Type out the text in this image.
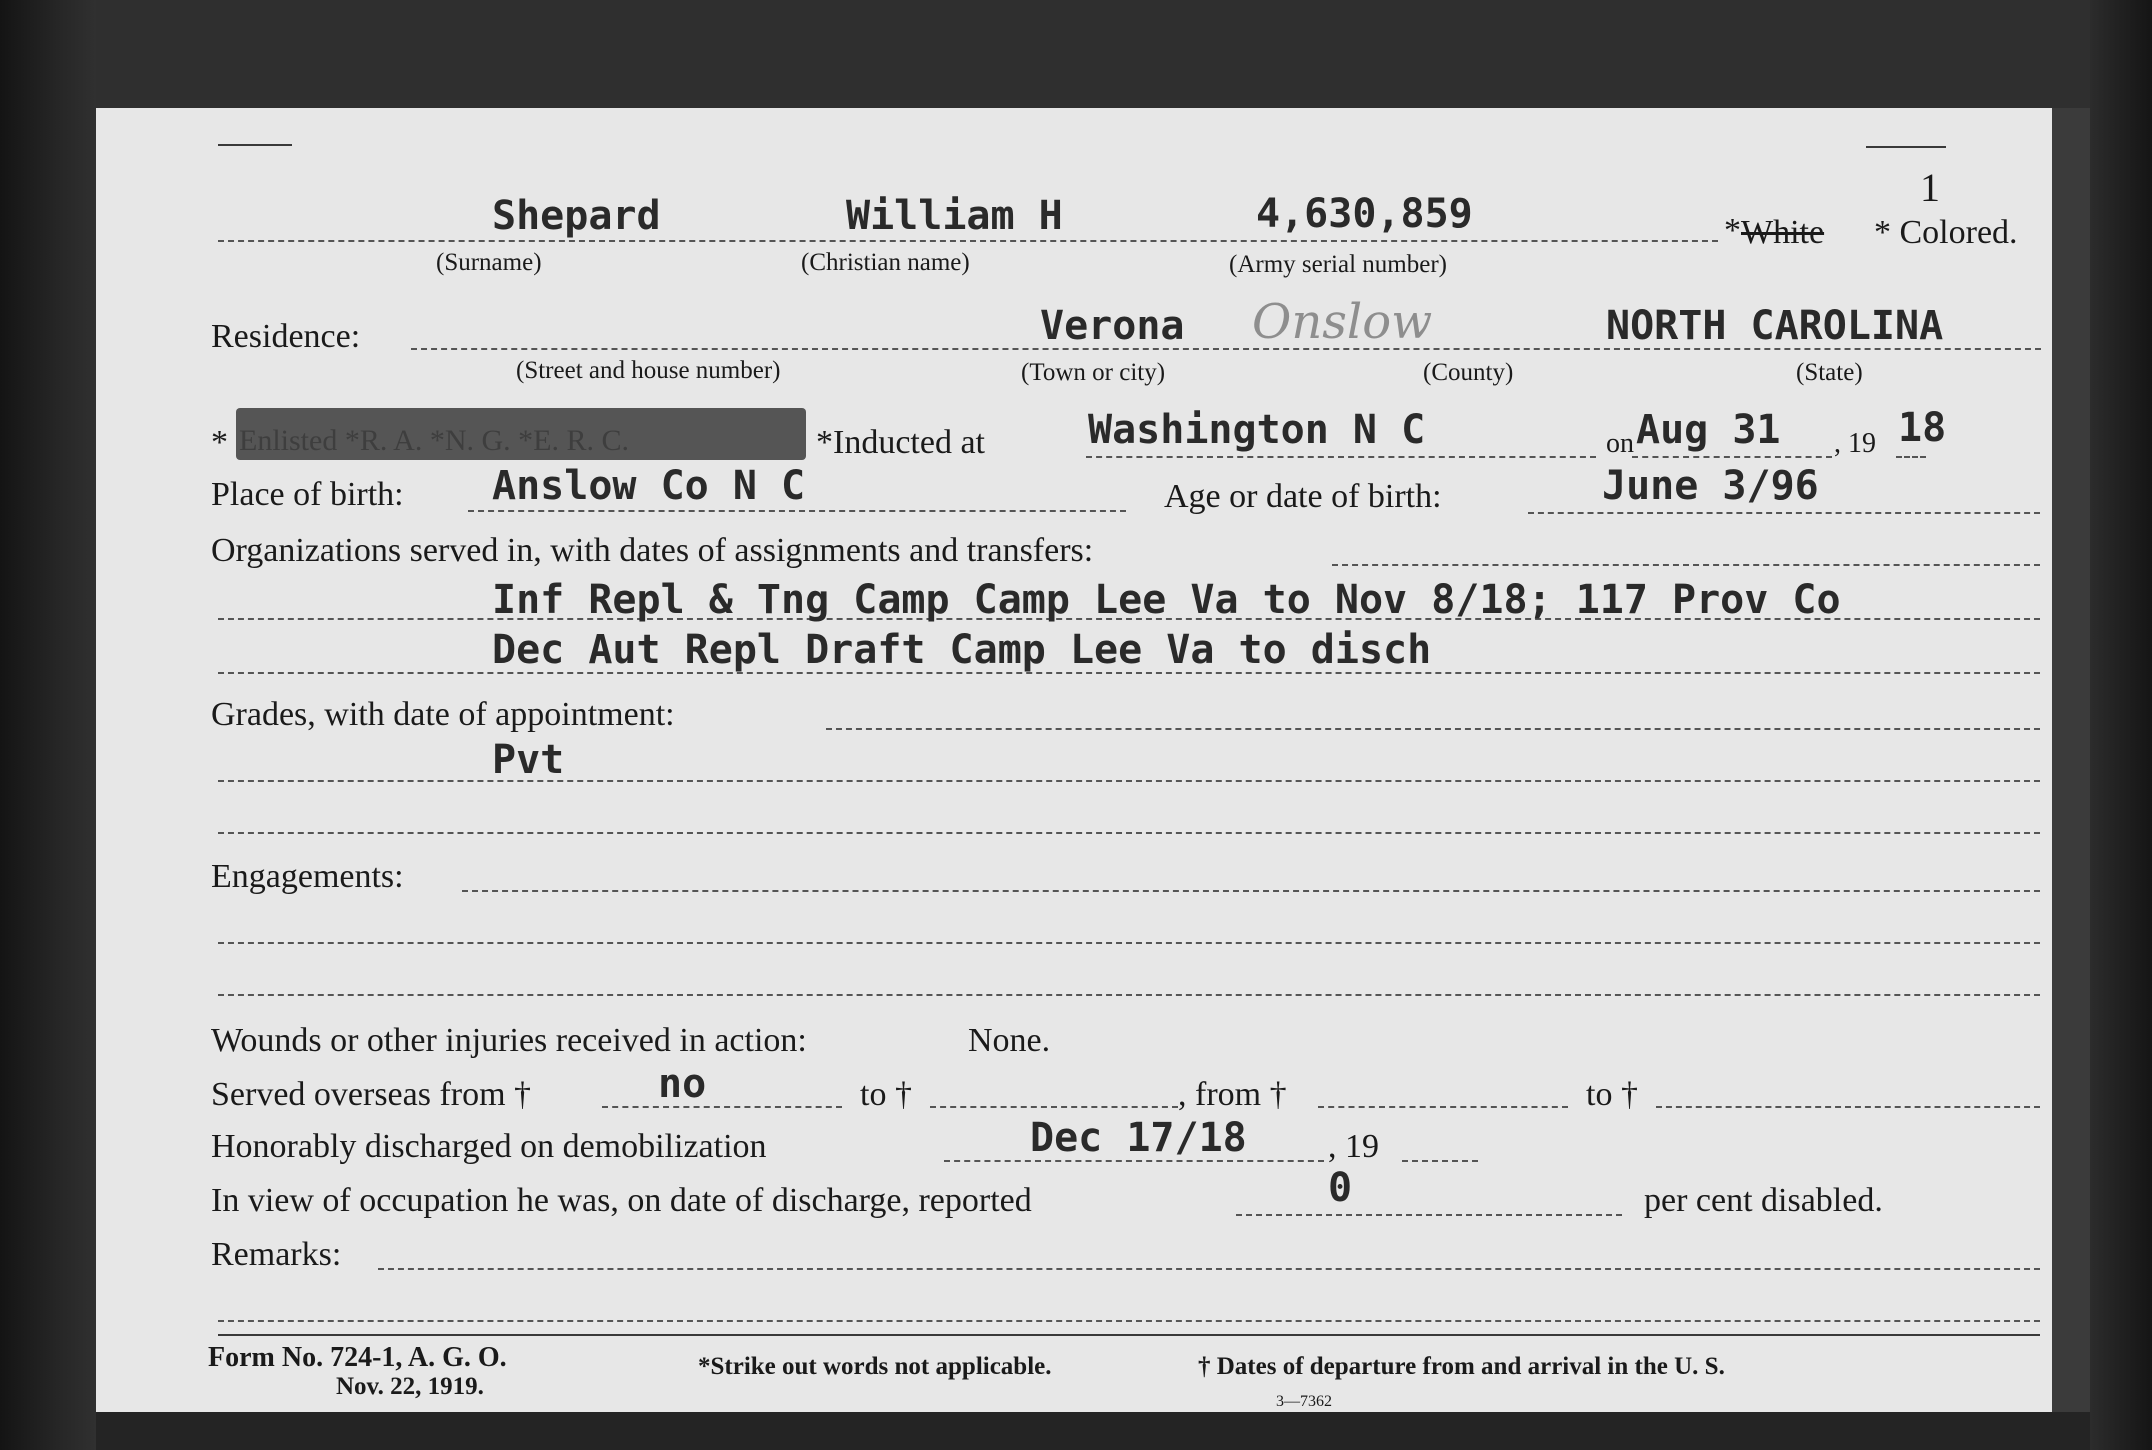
1
Shepard	William H	4,630,859
(Surname)	(Christian name)	(Army serial number)
* White * Colored.
Residence:	Verona Onslow	NORTH CAROLINA
(Street and house number)	(Town or city)	(County)	(State)
* Enlisted *R. A. *N. G. *E. R. C.	*Inducted at	Washington N C	on Aug 31 , 19 18
Place of birth: Anslow Co N C	Age or date of birth:	June 3/96
Organizations served in, with dates of assignments and transfers:
Inf Repl & Tng Camp Camp Lee Va to Nov 8/18; 117 Prov Co
Dec Aut Repl Draft Camp Lee Va to disch
Grades, with date of appointment:
Pvt
Engagements:
Wounds or other injuries received in action:	None.
Served overseas from †	no	to †	, from †	to †
Honorably discharged on demobilization	Dec 17/18 , 19
In view of occupation he was, on date of discharge, reported	0	per cent disabled.
Remarks:
Form No. 724-1, A. G. O.
Nov. 22, 1919.
*Strike out words not applicable.	† Dates of departure from and arrival in the U. S.
3—7362
